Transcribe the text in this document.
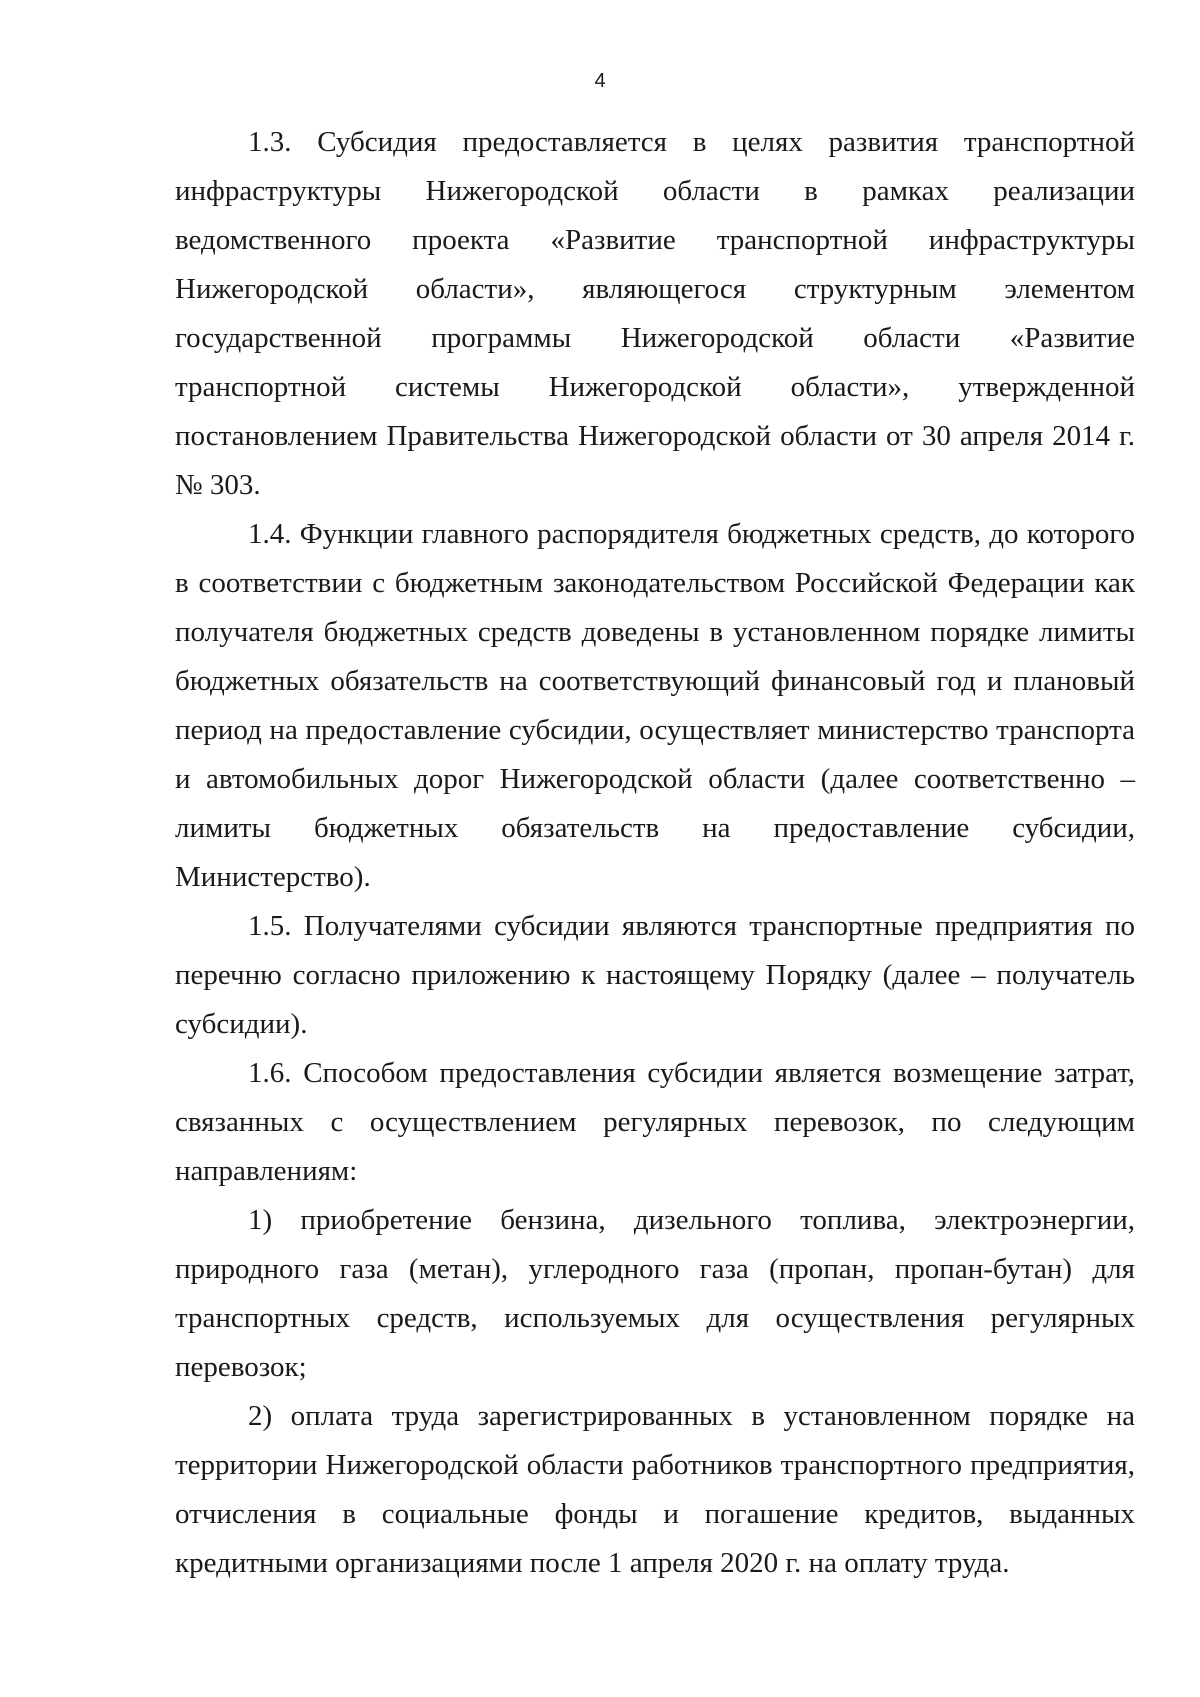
4

1.3. Субсидия предоставляется в целях развития транспортной инфраструктуры Нижегородской области в рамках реализации ведомственного проекта «Развитие транспортной инфраструктуры Нижегородской области», являющегося структурным элементом государственной программы Нижегородской области «Развитие транспортной системы Нижегородской области», утвержденной постановлением Правительства Нижегородской области от 30 апреля 2014 г. № 303.

1.4. Функции главного распорядителя бюджетных средств, до которого в соответствии с бюджетным законодательством Российской Федерации как получателя бюджетных средств доведены в установленном порядке лимиты бюджетных обязательств на соответствующий финансовый год и плановый период на предоставление субсидии, осуществляет министерство транспорта и автомобильных дорог Нижегородской области (далее соответственно – лимиты бюджетных обязательств на предоставление субсидии, Министерство).

1.5. Получателями субсидии являются транспортные предприятия по перечню согласно приложению к настоящему Порядку (далее – получатель субсидии).

1.6. Способом предоставления субсидии является возмещение затрат, связанных с осуществлением регулярных перевозок, по следующим направлениям:

1) приобретение бензина, дизельного топлива, электроэнергии, природного газа (метан), углеродного газа (пропан, пропан-бутан) для транспортных средств, используемых для осуществления регулярных перевозок;

2) оплата труда зарегистрированных в установленном порядке на территории Нижегородской области работников транспортного предприятия, отчисления в социальные фонды и погашение кредитов, выданных кредитными организациями после 1 апреля 2020 г. на оплату труда.
